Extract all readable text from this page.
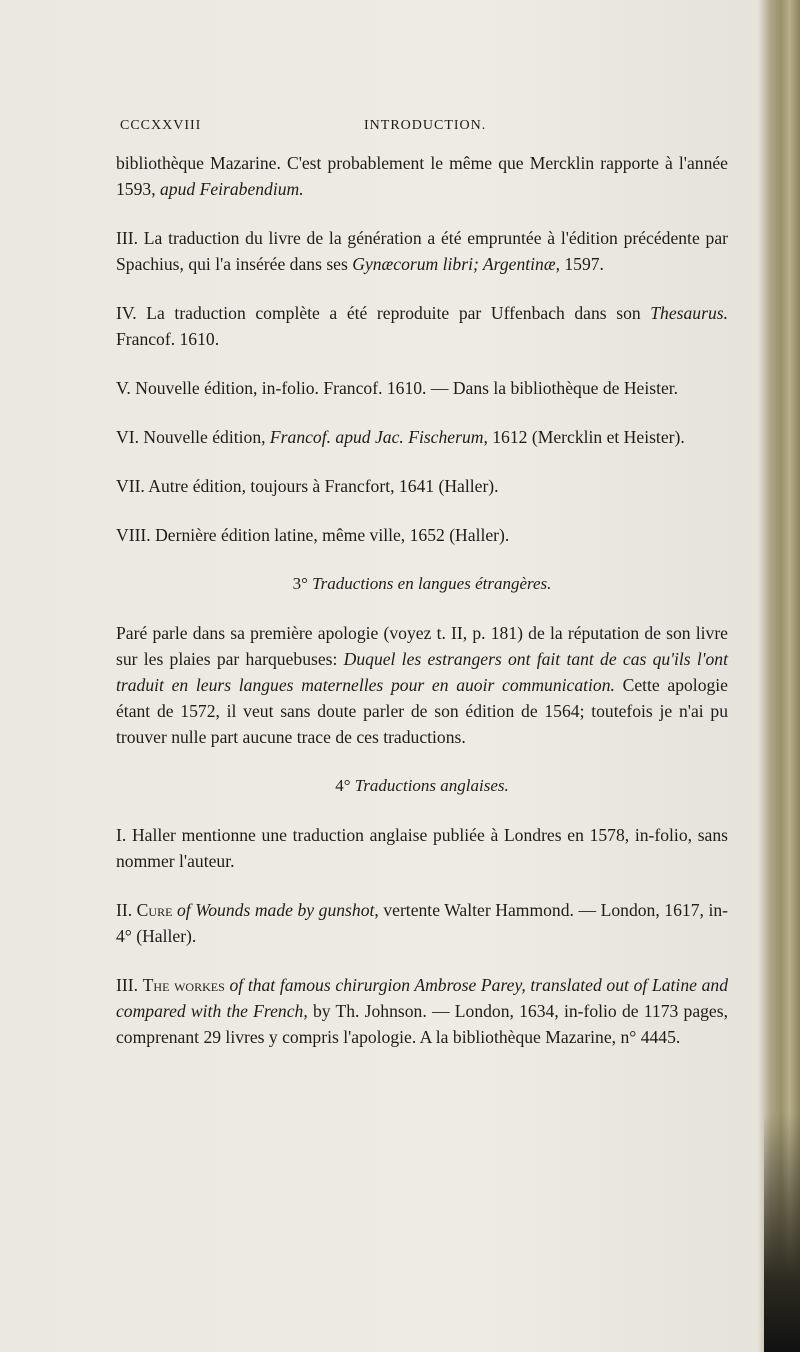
CCCXXVIII	INTRODUCTION.

bibliothèque Mazarine. C'est probablement le même que Mercklin rapporte à l'année 1593, apud Feirabendium.

III. La traduction du livre de la génération a été empruntée à l'édition précédente par Spachius, qui l'a insérée dans ses Gynæcorum libri; Argentinæ, 1597.

IV. La traduction complète a été reproduite par Uffenbach dans son Thesaurus. Francof. 1610.

V. Nouvelle édition, in-folio. Francof. 1610. — Dans la bibliothèque de Heister.

VI. Nouvelle édition, Francof. apud Jac. Fischerum, 1612 (Mercklin et Heister).

VII. Autre édition, toujours à Francfort, 1641 (Haller).

VIII. Dernière édition latine, même ville, 1652 (Haller).

3° Traductions en langues étrangères.

Paré parle dans sa première apologie (voyez t. II, p. 181) de la réputation de son livre sur les plaies par harquebuses: Duquel les estrangers ont fait tant de cas qu'ils l'ont traduit en leurs langues maternelles pour en auoir communication. Cette apologie étant de 1572, il veut sans doute parler de son édition de 1564; toutefois je n'ai pu trouver nulle part aucune trace de ces traductions.

4° Traductions anglaises.

I. Haller mentionne une traduction anglaise publiée à Londres en 1578, in-folio, sans nommer l'auteur.

II. Cure of Wounds made by gunshot, vertente Walter Hammond. — London, 1617, in-4° (Haller).

III. The workes of that famous chirurgion Ambrose Parey, translated out of Latine and compared with the French, by Th. Johnson. — London, 1634, in-folio de 1173 pages, comprenant 29 livres y compris l'apologie. A la bibliothèque Mazarine, n° 4445.
